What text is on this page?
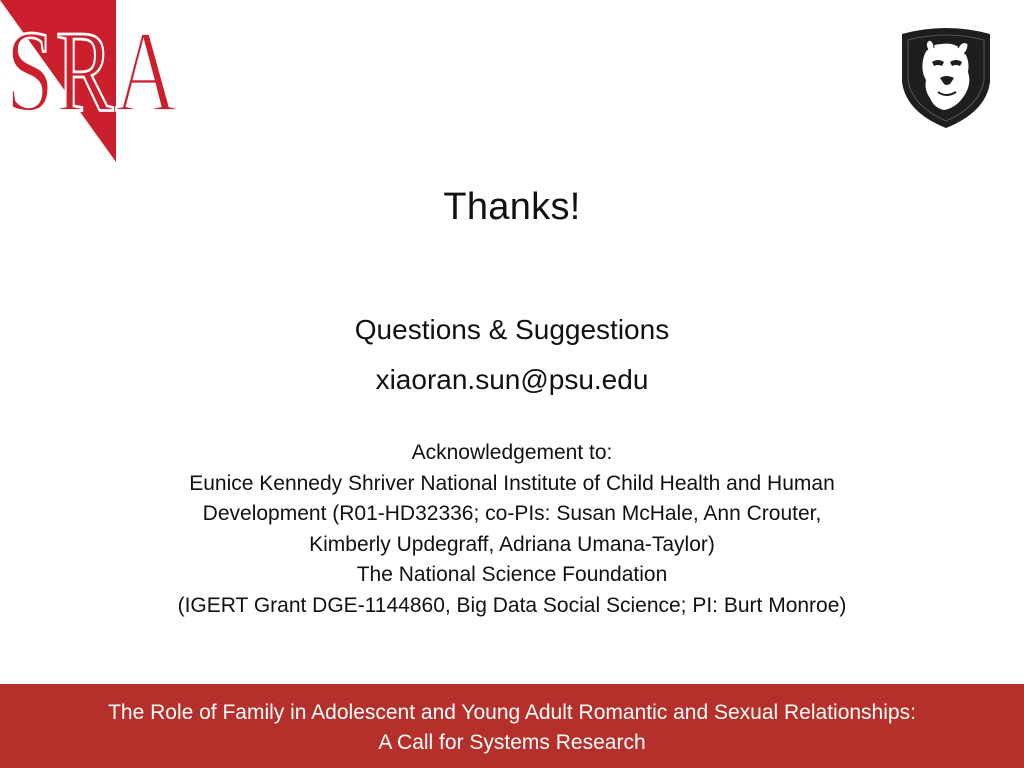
SRA
Thanks!
Questions & Suggestions
xiaoran.sun@psu.edu
Acknowledgement to:
Eunice Kennedy Shriver National Institute of Child Health and Human
Development (R01-HD32336; co-PIs: Susan McHale, Ann Crouter,
Kimberly Updegraff, Adriana Umana-Taylor)
The National Science Foundation
(IGERT Grant DGE-1144860, Big Data Social Science; PI: Burt Monroe)
The Role of Family in Adolescent and Young Adult Romantic and Sexual Relationships:
A Call for Systems Research
